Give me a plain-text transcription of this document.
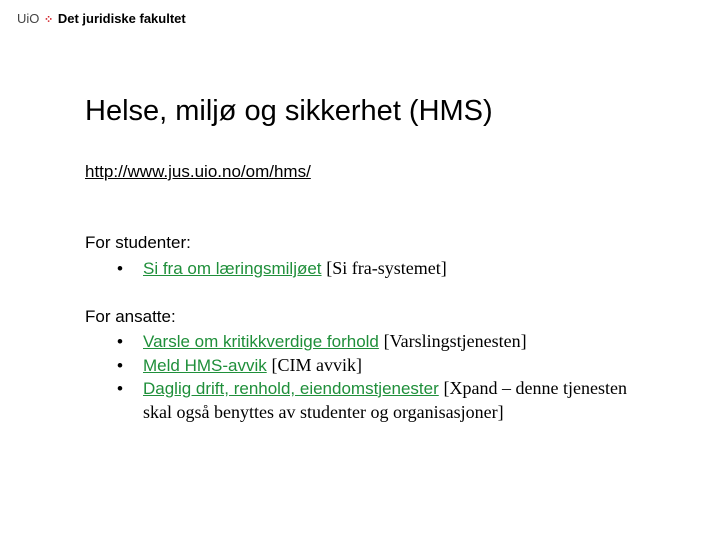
UiO ⁘ Det juridiske fakultet
Helse, miljø og sikkerhet (HMS)
http://www.jus.uio.no/om/hms/
For studenter:
• Si fra om læringsmiljøet [Si fra-systemet]
For ansatte:
• Varsle om kritikkverdige forhold [Varslingstjenesten]
• Meld HMS-avvik [CIM avvik]
• Daglig drift, renhold, eiendomstjenester [Xpand – denne tjenesten skal også benyttes av studenter og organisasjoner]
